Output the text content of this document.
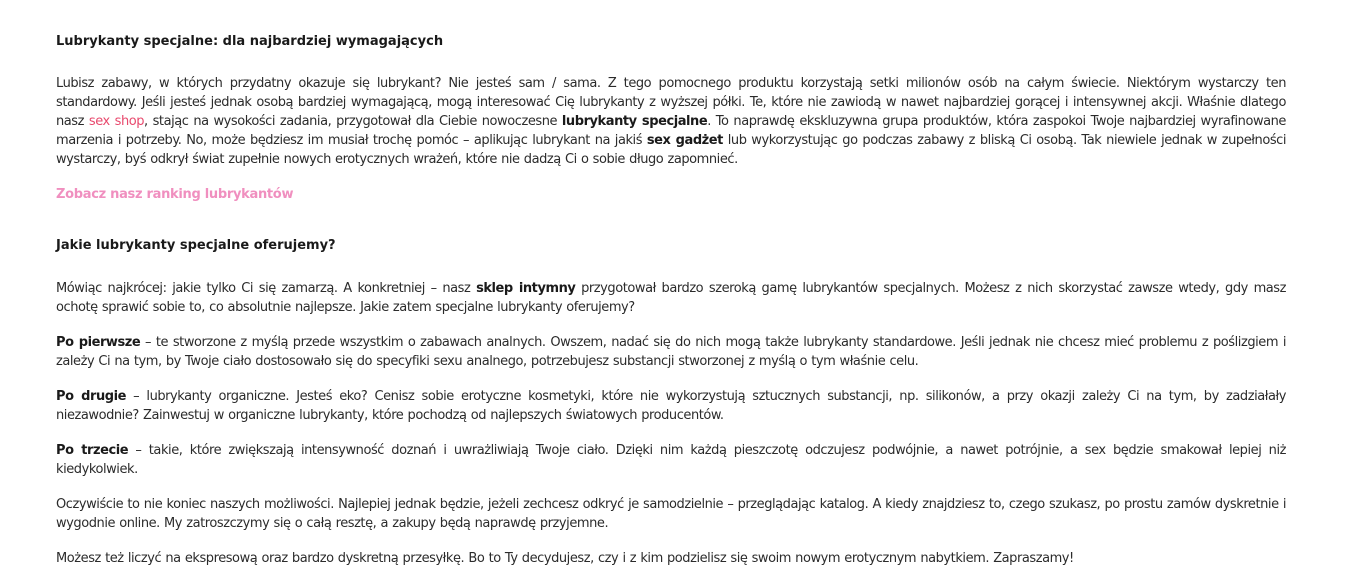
Lubrykanty specjalne: dla najbardziej wymagających

Lubisz zabawy, w których przydatny okazuje się lubrykant? Nie jesteś sam / sama. Z tego pomocnego produktu korzystają setki milionów osób na całym świecie. Niektórym wystarczy ten standardowy. Jeśli jesteś jednak osobą bardziej wymagającą, mogą interesować Cię lubrykanty z wyższej półki. Te, które nie zawiodą w nawet najbardziej gorącej i intensywnej akcji. Właśnie dlatego nasz sex shop, stając na wysokości zadania, przygotował dla Ciebie nowoczesne lubrykanty specjalne. To naprawdę ekskluzywna grupa produktów, która zaspokoi Twoje najbardziej wyrafinowane marzenia i potrzeby. No, może będziesz im musiał trochę pomóc – aplikując lubrykant na jakiś sex gadżet lub wykorzystując go podczas zabawy z bliską Ci osobą. Tak niewiele jednak w zupełności wystarczy, byś odkrył świat zupełnie nowych erotycznych wrażeń, które nie dadzą Ci o sobie długo zapomnieć.

Zobacz nasz ranking lubrykantów
Jakie lubrykanty specjalne oferujemy?

Mówiąc najkrócej: jakie tylko Ci się zamarzą. A konkretniej – nasz sklep intymny przygotował bardzo szeroką gamę lubrykantów specjalnych. Możesz z nich skorzystać zawsze wtedy, gdy masz ochotę sprawić sobie to, co absolutnie najlepsze. Jakie zatem specjalne lubrykanty oferujemy?

Po pierwsze – te stworzone z myślą przede wszystkim o zabawach analnych. Owszem, nadać się do nich mogą także lubrykanty standardowe. Jeśli jednak nie chcesz mieć problemu z poślizgiem i zależy Ci na tym, by Twoje ciało dostosowało się do specyfiki sexu analnego, potrzebujesz substancji stworzonej z myślą o tym właśnie celu.

Po drugie – lubrykanty organiczne. Jesteś eko? Cenisz sobie erotyczne kosmetyki, które nie wykorzystują sztucznych substancji, np. silikonów, a przy okazji zależy Ci na tym, by zadziałały niezawodnie? Zainwestuj w organiczne lubrykanty, które pochodzą od najlepszych światowych producentów.

Po trzecie – takie, które zwiększają intensywność doznań i uwrażliwiają Twoje ciało. Dzięki nim każdą pieszczotę odczujesz podwójnie, a nawet potrójnie, a sex będzie smakował lepiej niż kiedykolwiek.

Oczywiście to nie koniec naszych możliwości. Najlepiej jednak będzie, jeżeli zechcesz odkryć je samodzielnie – przeglądając katalog. A kiedy znajdziesz to, czego szukasz, po prostu zamów dyskretnie i wygodnie online. My zatroszczymy się o całą resztę, a zakupy będą naprawdę przyjemne.

Możesz też liczyć na ekspresową oraz bardzo dyskretną przesyłkę. Bo to Ty decydujesz, czy i z kim podzielisz się swoim nowym erotycznym nabytkiem. Zapraszamy!
